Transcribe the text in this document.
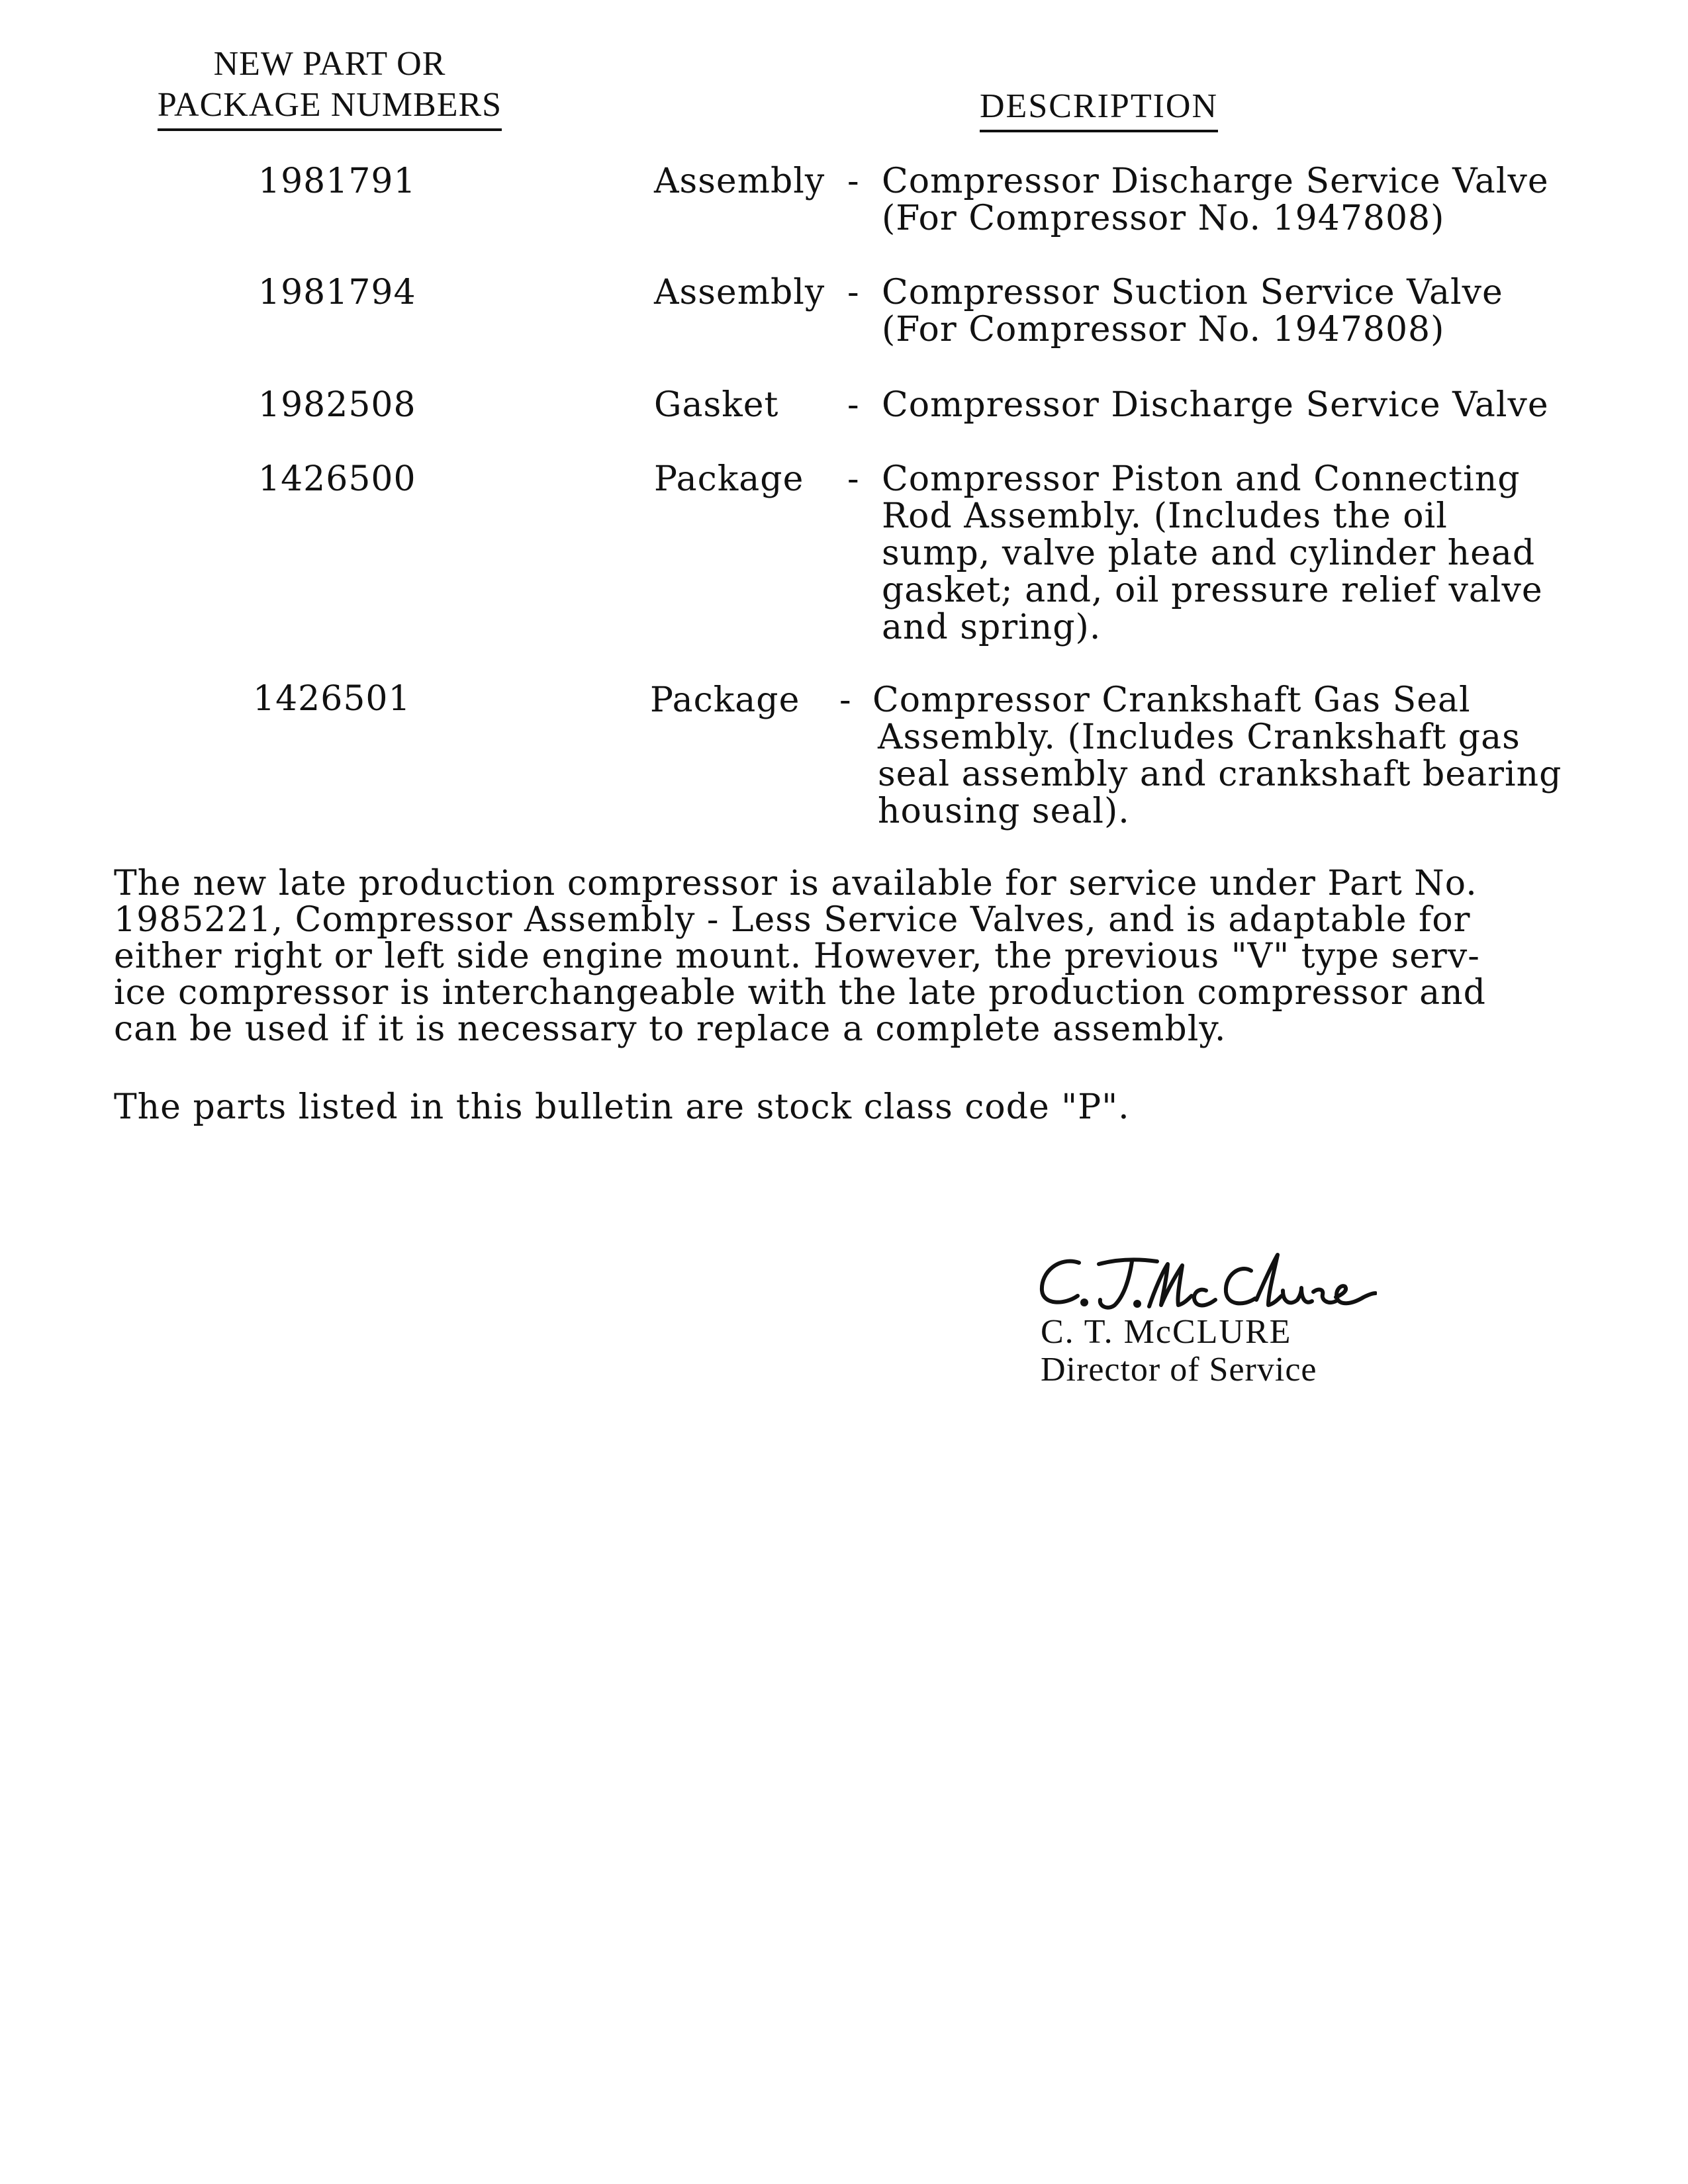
NEW PART OR
PACKAGE NUMBERS	DESCRIPTION
1981791	Assembly - Compressor Discharge Service Valve
(For Compressor No. 1947808)
1981794	Assembly - Compressor Suction Service Valve
(For Compressor No. 1947808)
1982508	Gasket - Compressor Discharge Service Valve
1426500	Package - Compressor Piston and Connecting
Rod Assembly. (Includes the oil
sump, valve plate and cylinder head
gasket; and, oil pressure relief valve
and spring).
1426501	Package - Compressor Crankshaft Gas Seal
Assembly. (Includes Crankshaft gas
seal assembly and crankshaft bearing
housing seal).
The new late production compressor is available for service under Part No.
1985221, Compressor Assembly - Less Service Valves, and is adaptable for
either right or left side engine mount. However, the previous "V" type serv-
ice compressor is interchangeable with the late production compressor and
can be used if it is necessary to replace a complete assembly.
The parts listed in this bulletin are stock class code "P".
C. T. McCLURE
Director of Service
